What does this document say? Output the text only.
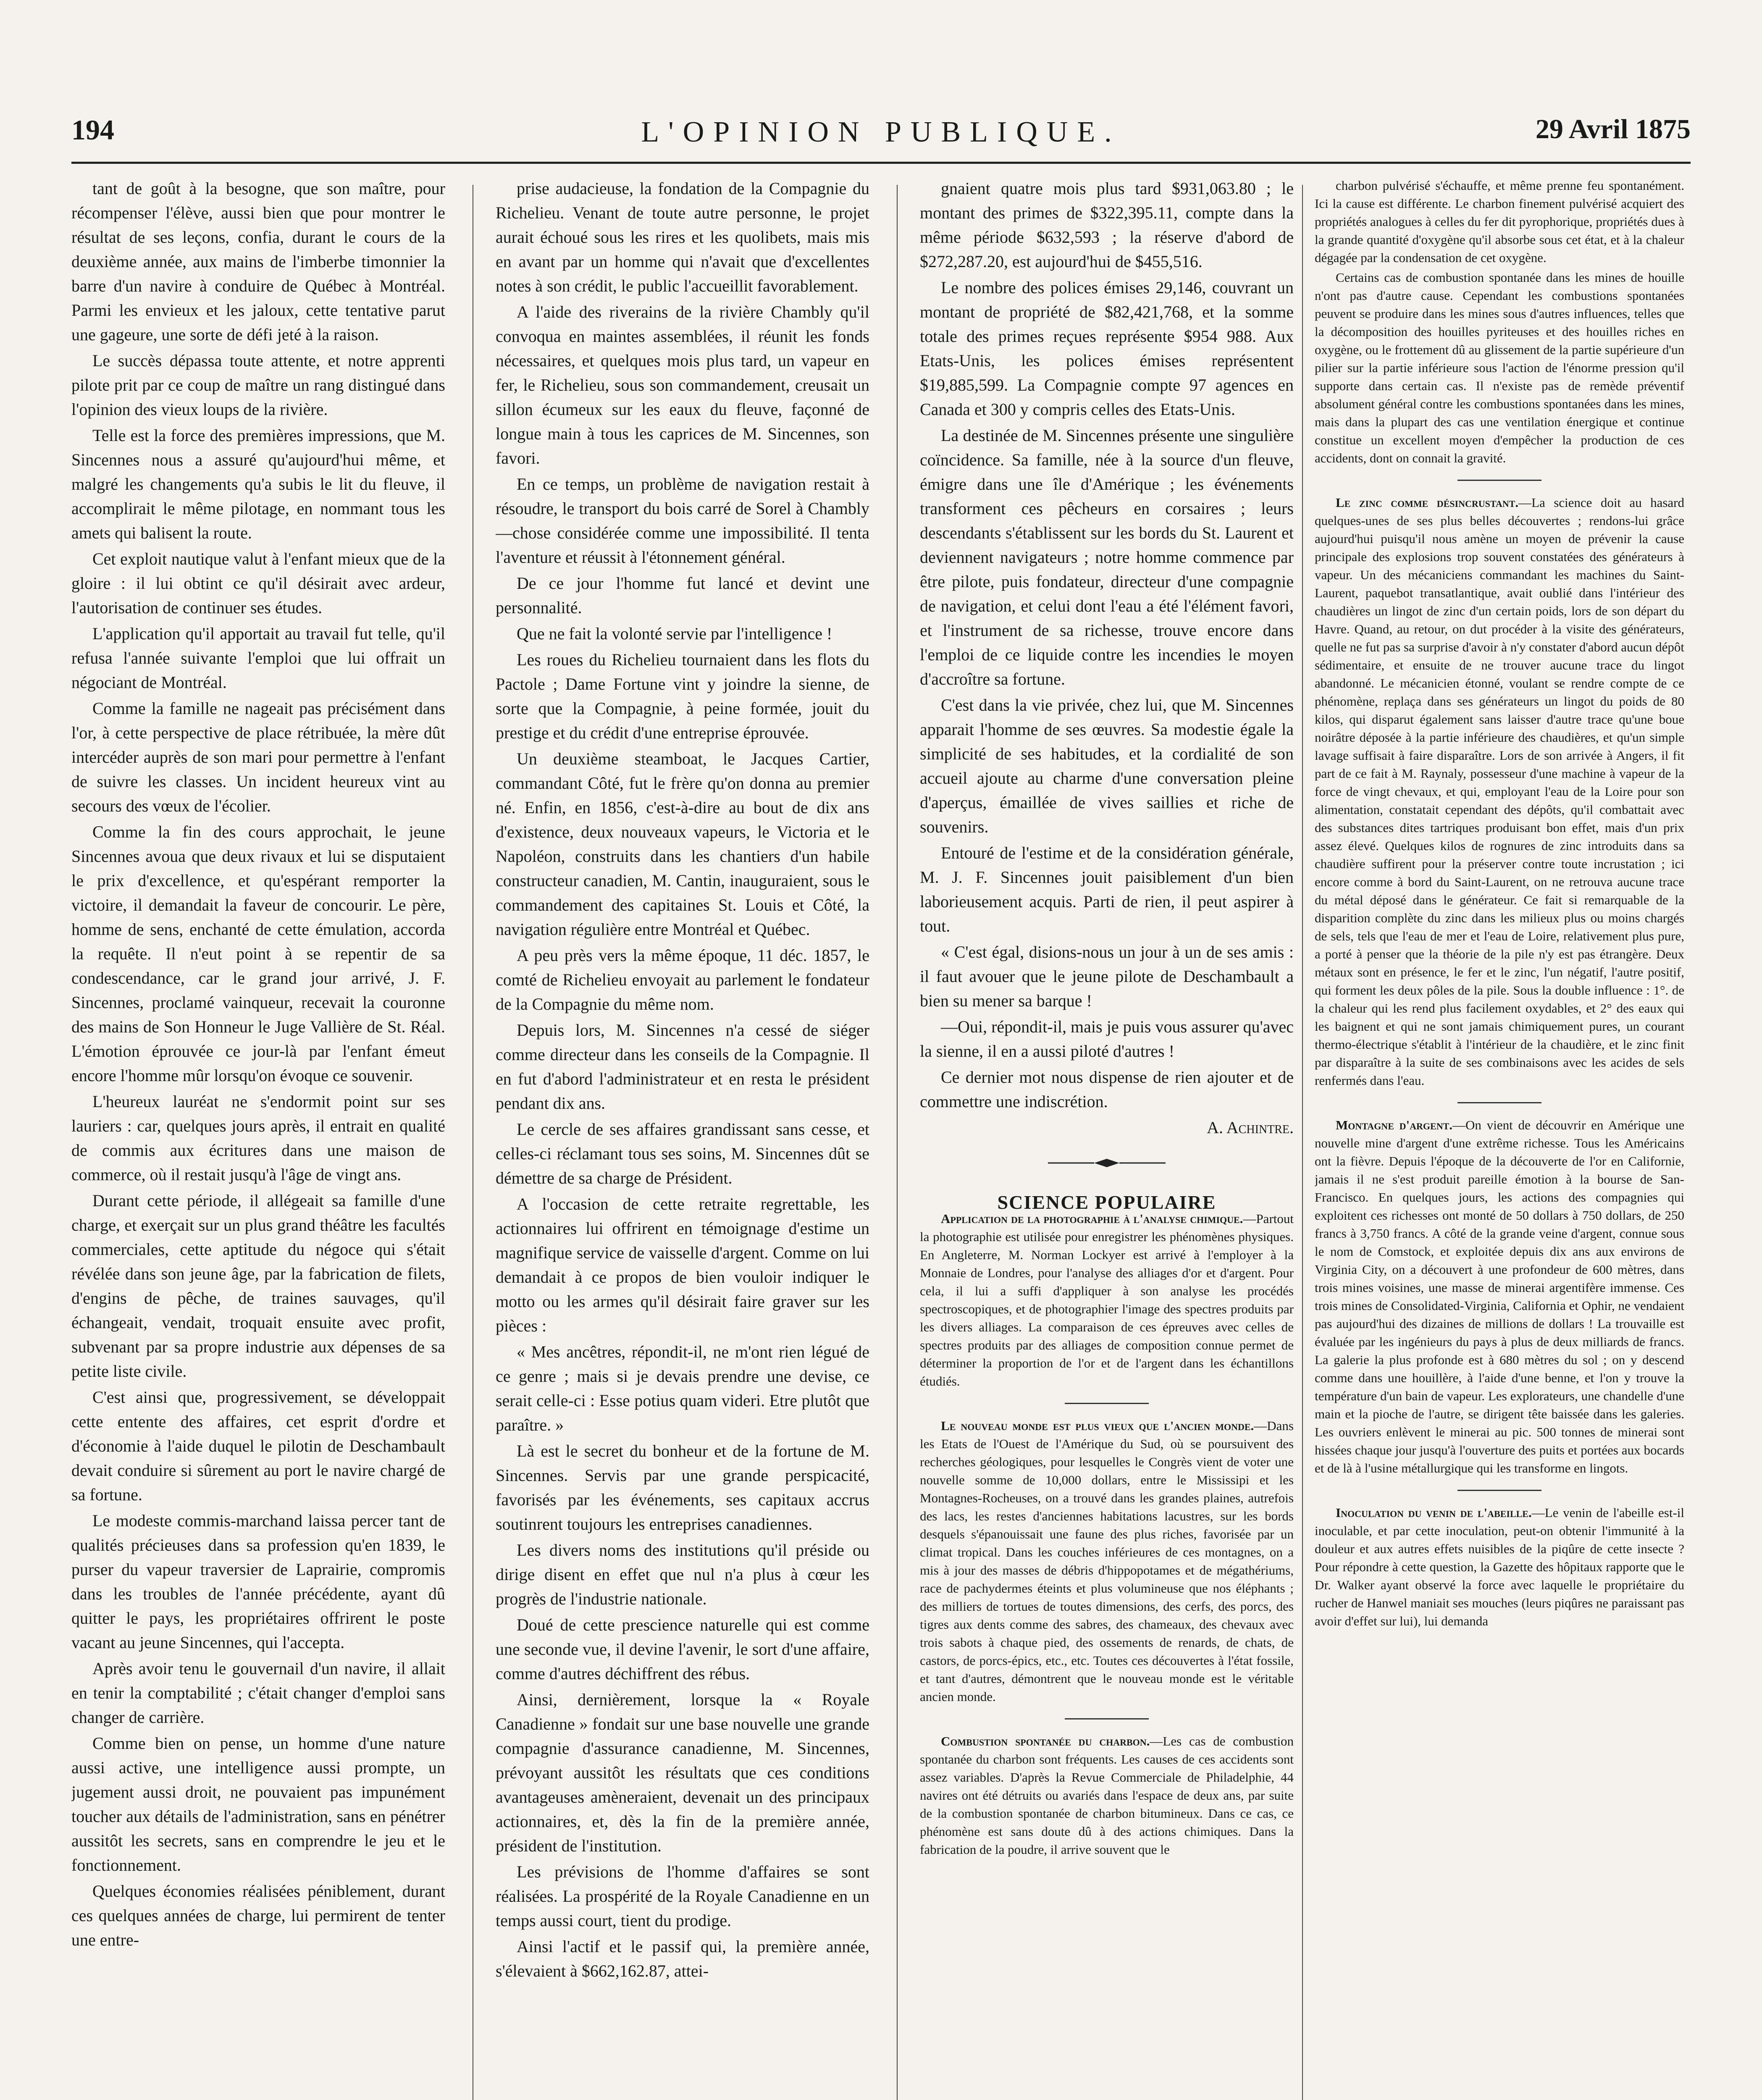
194	L'OPINION PUBLIQUE.	29 Avril 1875

tant de goût à la besogne, que son maître, pour récompenser l'élève, aussi bien que pour montrer le résultat de ses leçons, confia, durant le cours de la deuxième année, aux mains de l'imberbe timonnier la barre d'un navire à conduire de Québec à Montréal. Parmi les envieux et les jaloux, cette tentative parut une gageure, une sorte de défi jeté à la raison.

Le succès dépassa toute attente, et notre apprenti pilote prit par ce coup de maître un rang distingué dans l'opinion des vieux loups de la rivière.

Telle est la force des premières impressions, que M. Sincennes nous a assuré qu'aujourd'hui même, et malgré les changements qu'a subis le lit du fleuve, il accomplirait le même pilotage, en nommant tous les amets qui balisent la route.

Cet exploit nautique valut à l'enfant mieux que de la gloire : il lui obtint ce qu'il désirait avec ardeur, l'autorisation de continuer ses études.

L'application qu'il apportait au travail fut telle, qu'il refusa l'année suivante l'emploi que lui offrait un négociant de Montréal.

Comme la famille ne nageait pas précisément dans l'or, à cette perspective de place rétribuée, la mère dût intercéder auprès de son mari pour permettre à l'enfant de suivre les classes. Un incident heureux vint au secours des vœux de l'écolier.

Comme la fin des cours approchait, le jeune Sincennes avoua que deux rivaux et lui se disputaient le prix d'excellence, et qu'espérant remporter la victoire, il demandait la faveur de concourir. Le père, homme de sens, enchanté de cette émulation, accorda la requête. Il n'eut point à se repentir de sa condescendance, car le grand jour arrivé, J. F. Sincennes, proclamé vainqueur, recevait la couronne des mains de Son Honneur le Juge Vallière de St. Réal. L'émotion éprouvée ce jour-là par l'enfant émeut encore l'homme mûr lorsqu'on évoque ce souvenir.

L'heureux lauréat ne s'endormit point sur ses lauriers : car, quelques jours après, il entrait en qualité de commis aux écritures dans une maison de commerce, où il restait jusqu'à l'âge de vingt ans.

Durant cette période, il allégeait sa famille d'une charge, et exerçait sur un plus grand théâtre les facultés commerciales, cette aptitude du négoce qui s'était révélée dans son jeune âge, par la fabrication de filets, d'engins de pêche, de traines sauvages, qu'il échangeait, vendait, troquait ensuite avec profit, subvenant par sa propre industrie aux dépenses de sa petite liste civile.

C'est ainsi que, progressivement, se développait cette entente des affaires, cet esprit d'ordre et d'économie à l'aide duquel le pilotin de Deschambault devait conduire si sûrement au port le navire chargé de sa fortune.

Le modeste commis-marchand laissa percer tant de qualités précieuses dans sa profession qu'en 1839, le purser du vapeur traversier de Laprairie, compromis dans les troubles de l'année précédente, ayant dû quitter le pays, les propriétaires offrirent le poste vacant au jeune Sincennes, qui l'accepta.

Après avoir tenu le gouvernail d'un navire, il allait en tenir la comptabilité ; c'était changer d'emploi sans changer de carrière.

Comme bien on pense, un homme d'une nature aussi active, une intelligence aussi prompte, un jugement aussi droit, ne pouvaient pas impunément toucher aux détails de l'administration, sans en pénétrer aussitôt les secrets, sans en comprendre le jeu et le fonctionnement.

Quelques économies réalisées péniblement, durant ces quelques années de charge, lui permirent de tenter une entre-

prise audacieuse, la fondation de la Compagnie du Richelieu. Venant de toute autre personne, le projet aurait échoué sous les rires et les quolibets, mais mis en avant par un homme qui n'avait que d'excellentes notes à son crédit, le public l'accueillit favorablement.

A l'aide des riverains de la rivière Chambly qu'il convoqua en maintes assemblées, il réunit les fonds nécessaires, et quelques mois plus tard, un vapeur en fer, le Richelieu, sous son commandement, creusait un sillon écumeux sur les eaux du fleuve, façonné de longue main à tous les caprices de M. Sincennes, son favori.

En ce temps, un problème de navigation restait à résoudre, le transport du bois carré de Sorel à Chambly—chose considérée comme une impossibilité. Il tenta l'aventure et réussit à l'étonnement général.

De ce jour l'homme fut lancé et devint une personnalité.

Que ne fait la volonté servie par l'intelligence !

Les roues du Richelieu tournaient dans les flots du Pactole ; Dame Fortune vint y joindre la sienne, de sorte que la Compagnie, à peine formée, jouit du prestige et du crédit d'une entreprise éprouvée.

Un deuxième steamboat, le Jacques Cartier, commandant Côté, fut le frère qu'on donna au premier né. Enfin, en 1856, c'est-à-dire au bout de dix ans d'existence, deux nouveaux vapeurs, le Victoria et le Napoléon, construits dans les chantiers d'un habile constructeur canadien, M. Cantin, inauguraient, sous le commandement des capitaines St. Louis et Côté, la navigation régulière entre Montréal et Québec.

A peu près vers la même époque, 11 déc. 1857, le comté de Richelieu envoyait au parlement le fondateur de la Compagnie du même nom.

Depuis lors, M. Sincennes n'a cessé de siéger comme directeur dans les conseils de la Compagnie. Il en fut d'abord l'administrateur et en resta le président pendant dix ans.

Le cercle de ses affaires grandissant sans cesse, et celles-ci réclamant tous ses soins, M. Sincennes dût se démettre de sa charge de Président.

A l'occasion de cette retraite regrettable, les actionnaires lui offrirent en témoignage d'estime un magnifique service de vaisselle d'argent. Comme on lui demandait à ce propos de bien vouloir indiquer le motto ou les armes qu'il désirait faire graver sur les pièces :

« Mes ancêtres, répondit-il, ne m'ont rien légué de ce genre ; mais si je devais prendre une devise, ce serait celle-ci : Esse potius quam videri. Etre plutôt que paraître. »

Là est le secret du bonheur et de la fortune de M. Sincennes. Servis par une grande perspicacité, favorisés par les événements, ses capitaux accrus soutinrent toujours les entreprises canadiennes.

Les divers noms des institutions qu'il préside ou dirige disent en effet que nul n'a plus à cœur les progrès de l'industrie nationale.

Doué de cette prescience naturelle qui est comme une seconde vue, il devine l'avenir, le sort d'une affaire, comme d'autres déchiffrent des rébus.

Ainsi, dernièrement, lorsque la « Royale Canadienne » fondait sur une base nouvelle une grande compagnie d'assurance canadienne, M. Sincennes, prévoyant aussitôt les résultats que ces conditions avantageuses amèneraient, devenait un des principaux actionnaires, et, dès la fin de la première année, président de l'institution.

Les prévisions de l'homme d'affaires se sont réalisées. La prospérité de la Royale Canadienne en un temps aussi court, tient du prodige.

Ainsi l'actif et le passif qui, la première année, s'élevaient à $662,162.87, attei-

gnaient quatre mois plus tard $931,063.80 ; le montant des primes de $322,395.11, compte dans la même période $632,593 ; la réserve d'abord de $272,287.20, est aujourd'hui de $455,516.

Le nombre des polices émises 29,146, couvrant un montant de propriété de $82,421,768, et la somme totale des primes reçues représente $954 988. Aux Etats-Unis, les polices émises représentent $19,885,599. La Compagnie compte 97 agences en Canada et 300 y compris celles des Etats-Unis.

La destinée de M. Sincennes présente une singulière coïncidence. Sa famille, née à la source d'un fleuve, émigre dans une île d'Amérique ; les événements transforment ces pêcheurs en corsaires ; leurs descendants s'établissent sur les bords du St. Laurent et deviennent navigateurs ; notre homme commence par être pilote, puis fondateur, directeur d'une compagnie de navigation, et celui dont l'eau a été l'élément favori, et l'instrument de sa richesse, trouve encore dans l'emploi de ce liquide contre les incendies le moyen d'accroître sa fortune.

C'est dans la vie privée, chez lui, que M. Sincennes apparait l'homme de ses œuvres. Sa modestie égale la simplicité de ses habitudes, et la cordialité de son accueil ajoute au charme d'une conversation pleine d'aperçus, émaillée de vives saillies et riche de souvenirs.

Entouré de l'estime et de la considération générale, M. J. F. Sincennes jouit paisiblement d'un bien laborieusement acquis. Parti de rien, il peut aspirer à tout.

« C'est égal, disions-nous un jour à un de ses amis : il faut avouer que le jeune pilote de Deschambault a bien su mener sa barque !

—Oui, répondit-il, mais je puis vous assurer qu'avec la sienne, il en a aussi piloté d'autres !

Ce dernier mot nous dispense de rien ajouter et de commettre une indiscrétion.

A. Achintre.
SCIENCE POPULAIRE

Application de la photographie à l'analyse chimique.—Partout la photographie est utilisée pour enregistrer les phénomènes physiques. En Angleterre, M. Norman Lockyer est arrivé à l'employer à la Monnaie de Londres, pour l'analyse des alliages d'or et d'argent. Pour cela, il lui a suffi d'appliquer à son analyse les procédés spectroscopiques, et de photographier l'image des spectres produits par les divers alliages. La comparaison de ces épreuves avec celles de spectres produits par des alliages de composition connue permet de déterminer la proportion de l'or et de l'argent dans les échantillons étudiés.

Le nouveau monde est plus vieux que l'ancien monde.—Dans les Etats de l'Ouest de l'Amérique du Sud, où se poursuivent des recherches géologiques, pour lesquelles le Congrès vient de voter une nouvelle somme de 10,000 dollars, entre le Mississipi et les Montagnes-Rocheuses, on a trouvé dans les grandes plaines, autrefois des lacs, les restes d'anciennes habitations lacustres, sur les bords desquels s'épanouissait une faune des plus riches, favorisée par un climat tropical. Dans les couches inférieures de ces montagnes, on a mis à jour des masses de débris d'hippopotames et de mégathériums, race de pachydermes éteints et plus volumineuse que nos éléphants ; des milliers de tortues de toutes dimensions, des cerfs, des porcs, des tigres aux dents comme des sabres, des chameaux, des chevaux avec trois sabots à chaque pied, des ossements de renards, de chats, de castors, de porcs-épics, etc., etc. Toutes ces découvertes à l'état fossile, et tant d'autres, démontrent que le nouveau monde est le véritable ancien monde.

Combustion spontanée du charbon.—Les cas de combustion spontanée du charbon sont fréquents. Les causes de ces accidents sont assez variables. D'après la Revue Commerciale de Philadelphie, 44 navires ont été détruits ou avariés dans l'espace de deux ans, par suite de la combustion spontanée de charbon bitumineux. Dans ce cas, ce phénomène est sans doute dû à des actions chimiques. Dans la fabrication de la poudre, il arrive souvent que le

charbon pulvérisé s'échauffe, et même prenne feu spontanément. Ici la cause est différente. Le charbon finement pulvérisé acquiert des propriétés analogues à celles du fer dit pyrophorique, propriétés dues à la grande quantité d'oxygène qu'il absorbe sous cet état, et à la chaleur dégagée par la condensation de cet oxygène.

Certains cas de combustion spontanée dans les mines de houille n'ont pas d'autre cause. Cependant les combustions spontanées peuvent se produire dans les mines sous d'autres influences, telles que la décomposition des houilles pyriteuses et des houilles riches en oxygène, ou le frottement dû au glissement de la partie supérieure d'un pilier sur la partie inférieure sous l'action de l'énorme pression qu'il supporte dans certain cas. Il n'existe pas de remède préventif absolument général contre les combustions spontanées dans les mines, mais dans la plupart des cas une ventilation énergique et continue constitue un excellent moyen d'empêcher la production de ces accidents, dont on connait la gravité.

Le zinc comme désincrustant.—La science doit au hasard quelques-unes de ses plus belles découvertes ; rendons-lui grâce aujourd'hui puisqu'il nous amène un moyen de prévenir la cause principale des explosions trop souvent constatées des générateurs à vapeur. Un des mécaniciens commandant les machines du Saint-Laurent, paquebot transatlantique, avait oublié dans l'intérieur des chaudières un lingot de zinc d'un certain poids, lors de son départ du Havre. Quand, au retour, on dut procéder à la visite des générateurs, quelle ne fut pas sa surprise d'avoir à n'y constater d'abord aucun dépôt sédimentaire, et ensuite de ne trouver aucune trace du lingot abandonné. Le mécanicien étonné, voulant se rendre compte de ce phénomène, replaça dans ses générateurs un lingot du poids de 80 kilos, qui disparut également sans laisser d'autre trace qu'une boue noirâtre déposée à la partie inférieure des chaudières, et qu'un simple lavage suffisait à faire disparaître. Lors de son arrivée à Angers, il fit part de ce fait à M. Raynaly, possesseur d'une machine à vapeur de la force de vingt chevaux, et qui, employant l'eau de la Loire pour son alimentation, constatait cependant des dépôts, qu'il combattait avec des substances dites tartriques produisant bon effet, mais d'un prix assez élevé. Quelques kilos de rognures de zinc introduits dans sa chaudière suffirent pour la préserver contre toute incrustation ; ici encore comme à bord du Saint-Laurent, on ne retrouva aucune trace du métal déposé dans le générateur. Ce fait si remarquable de la disparition complète du zinc dans les milieux plus ou moins chargés de sels, tels que l'eau de mer et l'eau de Loire, relativement plus pure, a porté à penser que la théorie de la pile n'y est pas étrangère. Deux métaux sont en présence, le fer et le zinc, l'un négatif, l'autre positif, qui forment les deux pôles de la pile. Sous la double influence : 1°. de la chaleur qui les rend plus facilement oxydables, et 2° des eaux qui les baignent et qui ne sont jamais chimiquement pures, un courant thermo-électrique s'établit à l'intérieur de la chaudière, et le zinc finit par disparaître à la suite de ses combinaisons avec les acides de sels renfermés dans l'eau.

Montagne d'argent.—On vient de découvrir en Amérique une nouvelle mine d'argent d'une extrême richesse. Tous les Américains ont la fièvre. Depuis l'époque de la découverte de l'or en Californie, jamais il ne s'est produit pareille émotion à la bourse de San-Francisco. En quelques jours, les actions des compagnies qui exploitent ces richesses ont monté de 50 dollars à 750 dollars, de 250 francs à 3,750 francs. A côté de la grande veine d'argent, connue sous le nom de Comstock, et exploitée depuis dix ans aux environs de Virginia City, on a découvert à une profondeur de 600 mètres, dans trois mines voisines, une masse de minerai argentifère immense. Ces trois mines de Consolidated-Virginia, California et Ophir, ne vendaient pas aujourd'hui des dizaines de millions de dollars ! La trouvaille est évaluée par les ingénieurs du pays à plus de deux milliards de francs. La galerie la plus profonde est à 680 mètres du sol ; on y descend comme dans une houillère, à l'aide d'une benne, et l'on y trouve la température d'un bain de vapeur. Les explorateurs, une chandelle d'une main et la pioche de l'autre, se dirigent tête baissée dans les galeries. Les ouvriers enlèvent le minerai au pic. 500 tonnes de minerai sont hissées chaque jour jusqu'à l'ouverture des puits et portées aux bocards et de là à l'usine métallurgique qui les transforme en lingots.

Inoculation du venin de l'abeille.—Le venin de l'abeille est-il inoculable, et par cette inoculation, peut-on obtenir l'immunité à la douleur et aux autres effets nuisibles de la piqûre de cette insecte ? Pour répondre à cette question, la Gazette des hôpitaux rapporte que le Dr. Walker ayant observé la force avec laquelle le propriétaire du rucher de Hanwel maniait ses mouches (leurs piqûres ne paraissant pas avoir d'effet sur lui), lui demanda
